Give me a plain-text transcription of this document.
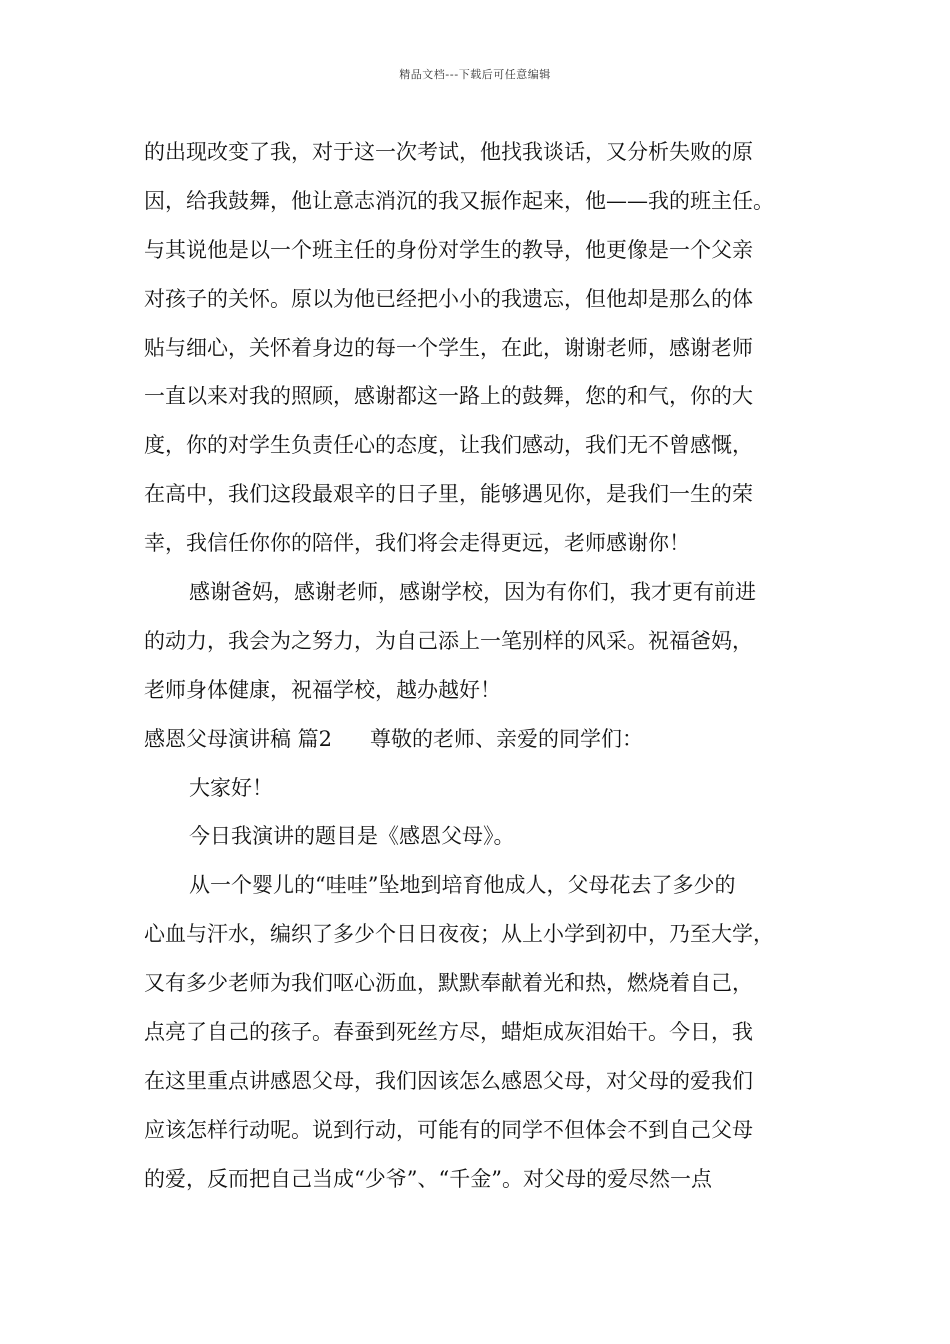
精品文档---下载后可任意编辑
的出现改变了我，对于这一次考试，他找我谈话，又分析失败的原
因，给我鼓舞，他让意志消沉的我又振作起来，他——我的班主任。
与其说他是以一个班主任的身份对学生的教导，他更像是一个父亲
对孩子的关怀。原以为他已经把小小的我遗忘，但他却是那么的体
贴与细心，关怀着身边的每一个学生，在此，谢谢老师，感谢老师
一直以来对我的照顾，感谢都这一路上的鼓舞，您的和气，你的大
度，你的对学生负责任心的态度，让我们感动，我们无不曾感慨，
在高中，我们这段最艰辛的日子里，能够遇见你，是我们一生的荣
幸，我信任你你的陪伴，我们将会走得更远，老师感谢你！
感谢爸妈，感谢老师，感谢学校，因为有你们，我才更有前进
的动力，我会为之努力，为自己添上一笔别样的风采。祝福爸妈，
老师身体健康，祝福学校，越办越好！
感恩父母演讲稿 篇2 尊敬的老师、亲爱的同学们：
大家好！
今日我演讲的题目是《感恩父母》。
从一个婴儿的“哇哇”坠地到培育他成人，父母花去了多少的
心血与汗水，编织了多少个日日夜夜；从上小学到初中，乃至大学，
又有多少老师为我们呕心沥血，默默奉献着光和热，燃烧着自己，
点亮了自己的孩子。春蚕到死丝方尽，蜡炬成灰泪始干。今日，我
在这里重点讲感恩父母，我们因该怎么感恩父母，对父母的爱我们
应该怎样行动呢。说到行动，可能有的同学不但体会不到自己父母
的爱，反而把自己当成“少爷”、“千金”。对父母的爱尽然一点
